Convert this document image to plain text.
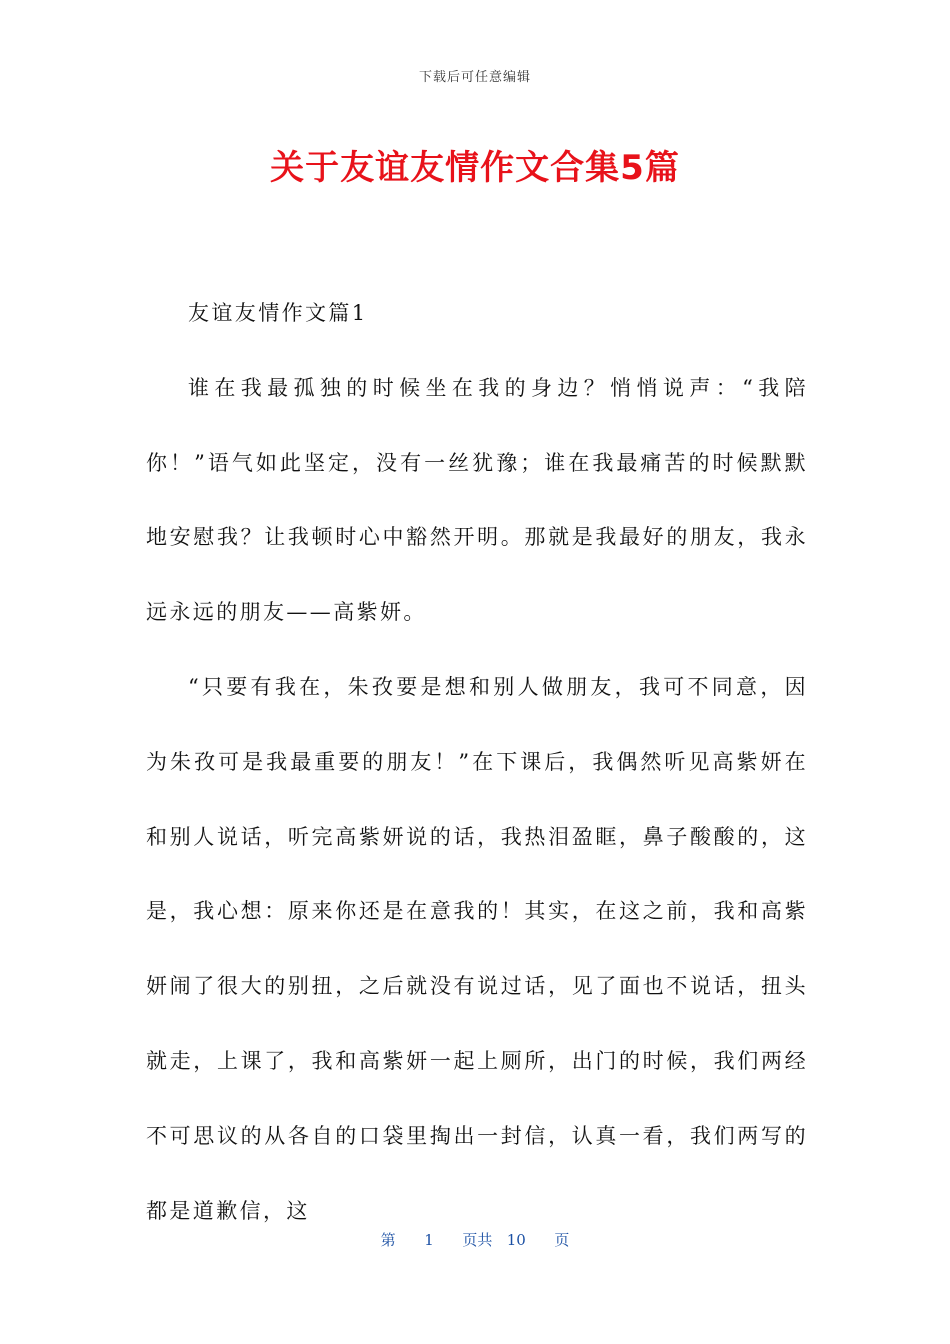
下载后可任意编辑
关于友谊友情作文合集5篇

友谊友情作文篇1

谁在我最孤独的时候坐在我的身边？悄悄说声：“我陪你！”语气如此坚定，没有一丝犹豫；谁在我最痛苦的时候默默地安慰我？让我顿时心中豁然开明。那就是我最好的朋友，我永远永远的朋友——高紫妍。

“只要有我在，朱孜要是想和别人做朋友，我可不同意，因为朱孜可是我最重要的朋友！”在下课后，我偶然听见高紫妍在和别人说话，听完高紫妍说的话，我热泪盈眶，鼻子酸酸的，这是，我心想：原来你还是在意我的！其实，在这之前，我和高紫妍闹了很大的别扭，之后就没有说过话，见了面也不说话，扭头就走，上课了，我和高紫妍一起上厕所，出门的时候，我们两经不可思议的从各自的口袋里掏出一封信，认真一看，我们两写的都是道歉信，这

第 1 页共 10 页
